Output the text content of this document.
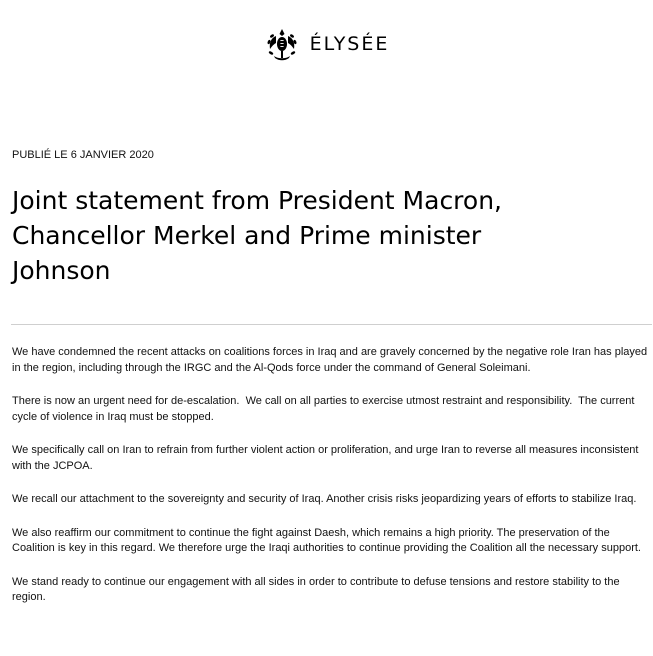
ÉLYSÉE
PUBLIÉ LE 6 JANVIER 2020
Joint statement from President Macron,
Chancellor Merkel and Prime minister
Johnson

We have condemned the recent attacks on coalitions forces in Iraq and are gravely concerned by the negative role Iran has played in the region, including through the IRGC and the Al-Qods force under the command of General Soleimani.

There is now an urgent need for de-escalation.  We call on all parties to exercise utmost restraint and responsibility.  The current cycle of violence in Iraq must be stopped.

We specifically call on Iran to refrain from further violent action or proliferation, and urge Iran to reverse all measures inconsistent with the JCPOA.

We recall our attachment to the sovereignty and security of Iraq. Another crisis risks jeopardizing years of efforts to stabilize Iraq.

We also reaffirm our commitment to continue the fight against Daesh, which remains a high priority. The preservation of the Coalition is key in this regard. We therefore urge the Iraqi authorities to continue providing the Coalition all the necessary support.

We stand ready to continue our engagement with all sides in order to contribute to defuse tensions and restore stability to the region.
